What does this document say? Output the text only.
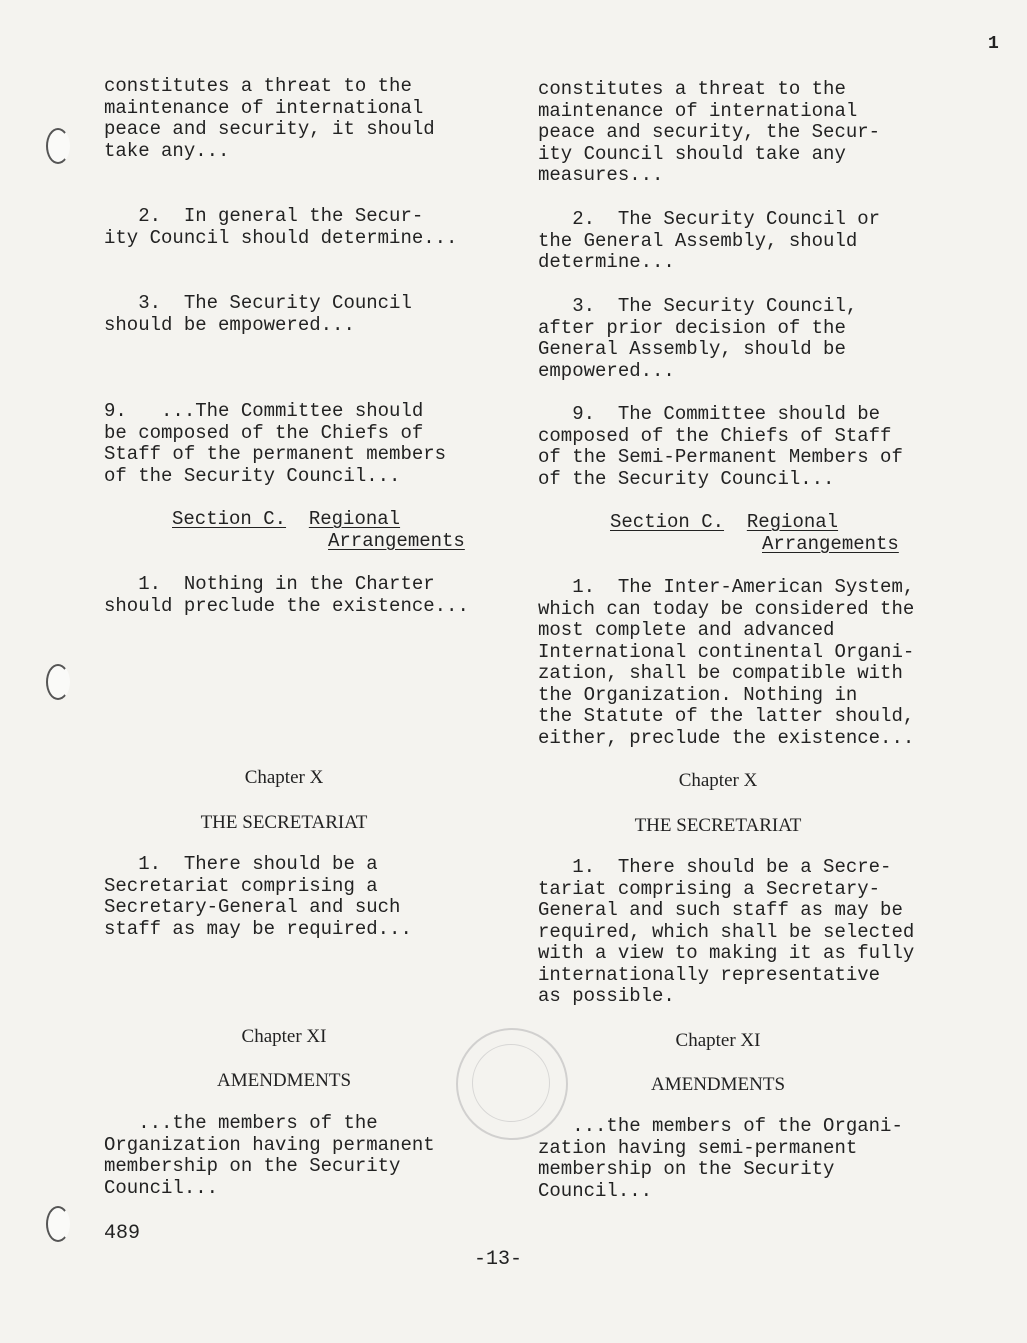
1
constitutes a threat to the
maintenance of international
peace and security, it should
take any...
2.  In general the Secur-
ity Council should determine...
3.  The Security Council
should be empowered...
9.   ...The Committee should
be composed of the Chiefs of
Staff of the permanent members
of the Security Council...
Section C. Regional
Arrangements
1.  Nothing in the Charter
should preclude the existence...
Chapter X
THE SECRETARIAT
1.  There should be a
Secretariat comprising a
Secretary-General and such
staff as may be required...
Chapter XI
AMENDMENTS
...the members of the
Organization having permanent
membership on the Security
Council...
constitutes a threat to the
maintenance of international
peace and security, the Secur-
ity Council should take any
measures...
2.  The Security Council or
the General Assembly, should
determine...
3.  The Security Council,
after prior decision of the
General Assembly, should be
empowered...
9.  The Committee should be
composed of the Chiefs of Staff
of the Semi-Permanent Members of
of the Security Council...
Section C. Regional
Arrangements
1.  The Inter-American System,
which can today be considered the
most complete and advanced
International continental Organi-
zation, shall be compatible with
the Organization. Nothing in
the Statute of the latter should,
either, preclude the existence...
Chapter X
THE SECRETARIAT
1.  There should be a Secre-
tariat comprising a Secretary-
General and such staff as may be
required, which shall be selected
with a view to making it as fully
internationally representative
as possible.
Chapter XI
AMENDMENTS
...the members of the Organi-
zation having semi-permanent
membership on the Security
Council...
489
-13-
